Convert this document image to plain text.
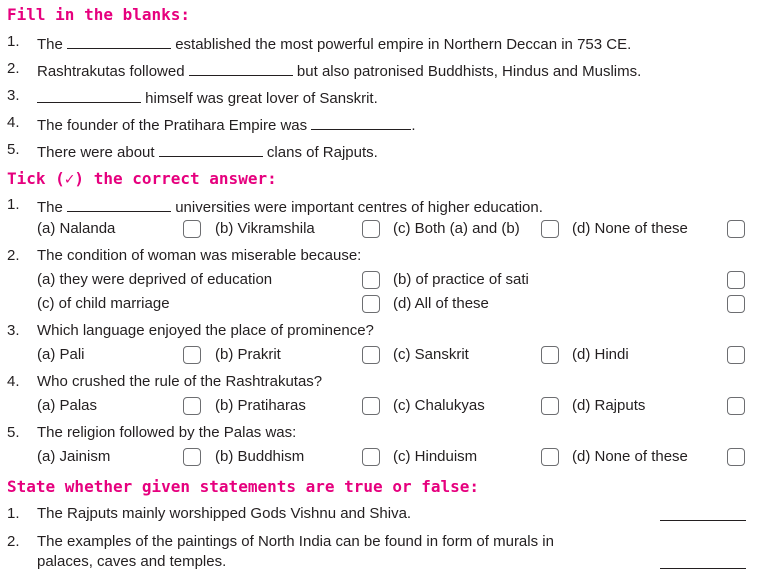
Fill in the blanks:
1. The	established the most powerful empire in Northern Deccan in 753 CE.
2. Rashtrakutas followed	but also patronised Buddhists, Hindus and Muslims.
3.	himself was great lover of Sanskrit.
4. The founder of the Pratihara Empire was	.
5. There were about	clans of Rajputs.
Tick (✓) the correct answer:
1. The	universities were important centres of higher education.
(a) Nalanda	(b) Vikramshila	(c) Both (a) and (b)	(d) None of these
2. The condition of woman was miserable because:
(a) they were deprived of education	(b) of practice of sati
(c) of child marriage	(d) All of these
3. Which language enjoyed the place of prominence?
(a) Pali	(b) Prakrit	(c) Sanskrit	(d) Hindi
4. Who crushed the rule of the Rashtrakutas?
(a) Palas	(b) Pratiharas	(c) Chalukyas	(d) Rajputs
5. The religion followed by the Palas was:
(a) Jainism	(b) Buddhism	(c) Hinduism	(d) None of these
State whether given statements are true or false:
1. The Rajputs mainly worshipped Gods Vishnu and Shiva.
2. The examples of the paintings of North India can be found in form of murals in
palaces, caves and temples.
